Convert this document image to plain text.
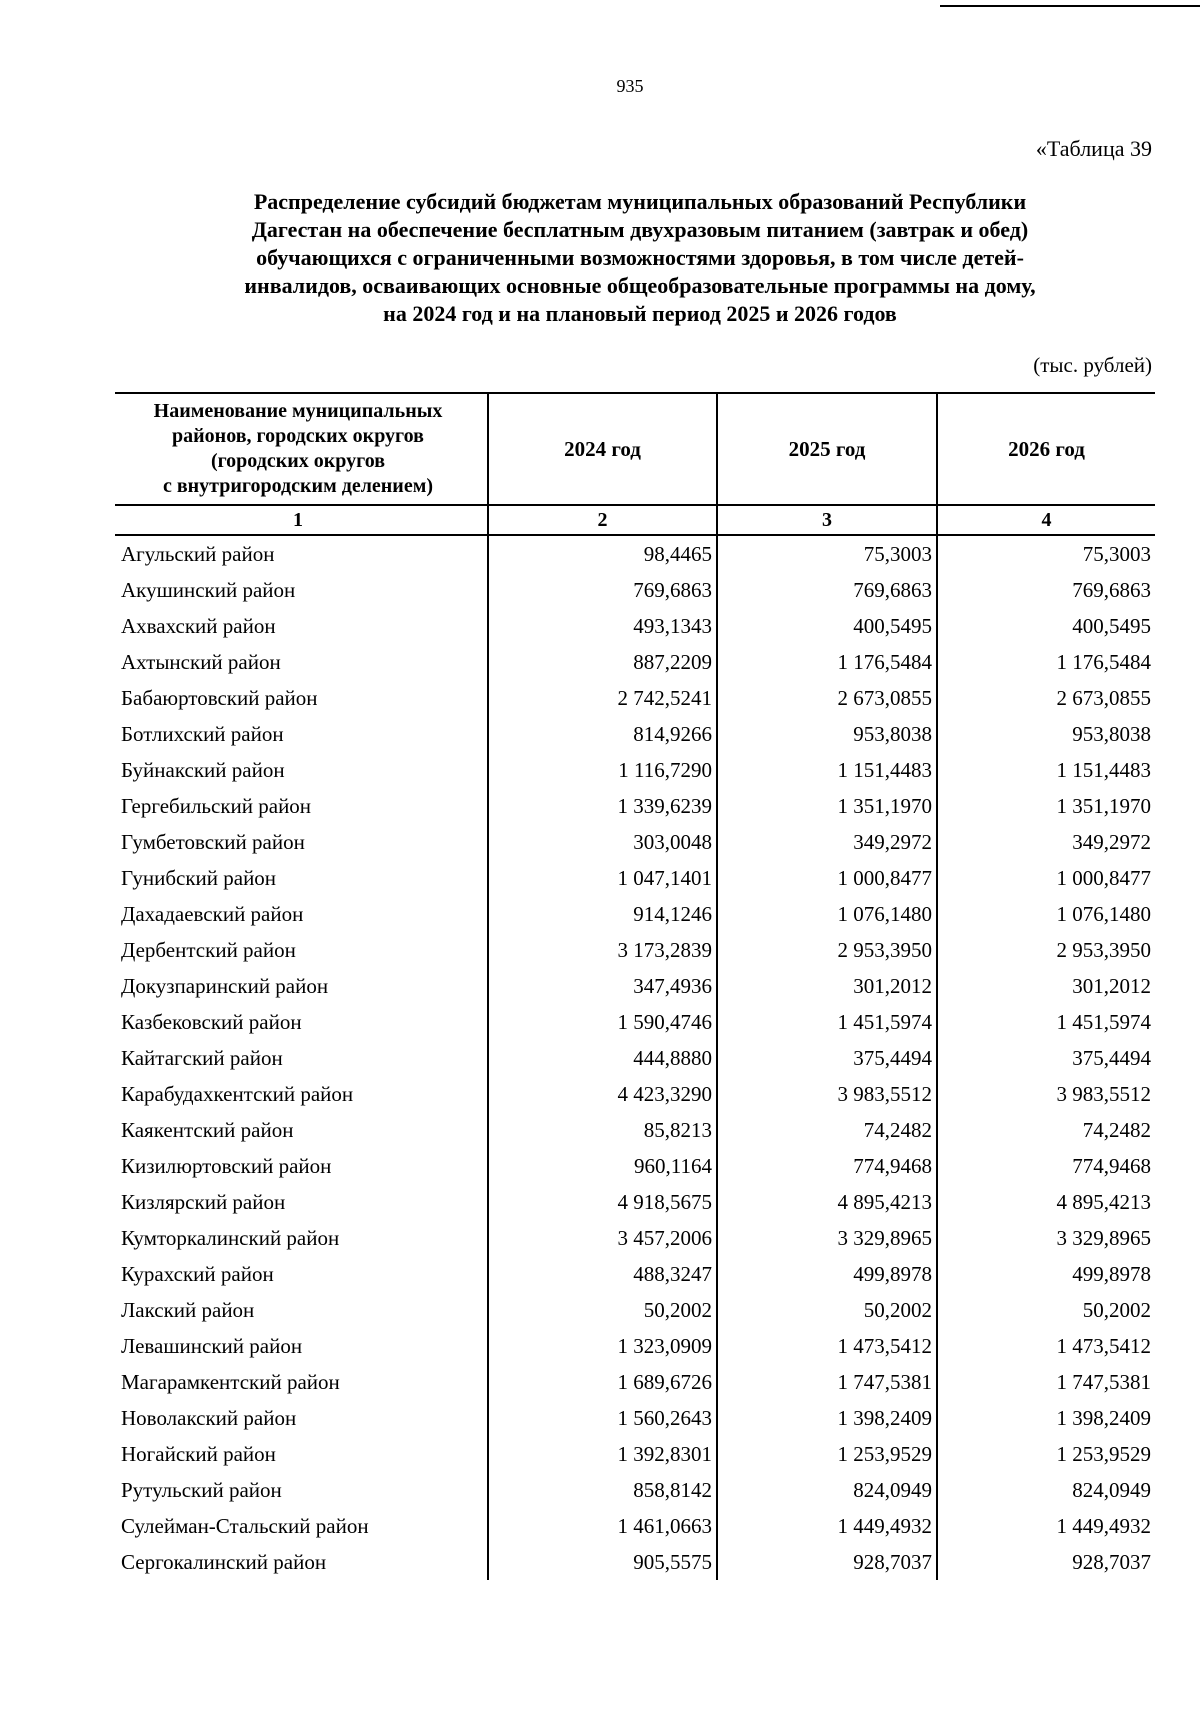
935
«Таблица 39
Распределение субсидий бюджетам муниципальных образований Республики
Дагестан на обеспечение бесплатным двухразовым питанием (завтрак и обед)
обучающихся с ограниченными возможностями здоровья, в том числе детей-
инвалидов, осваивающих основные общеобразовательные программы на дому,
на 2024 год и на плановый период 2025 и 2026 годов
(тыс. рублей)
Наименование муниципальных
районов, городских округов
(городских округов
с внутригородским делением)	2024 год	2025 год	2026 год
1	2	3	4
Агульский район	98,4465	75,3003	75,3003
Акушинский район	769,6863	769,6863	769,6863
Ахвахский район	493,1343	400,5495	400,5495
Ахтынский район	887,2209	1 176,5484	1 176,5484
Бабаюртовский район	2 742,5241	2 673,0855	2 673,0855
Ботлихский район	814,9266	953,8038	953,8038
Буйнакский район	1 116,7290	1 151,4483	1 151,4483
Гергебильский район	1 339,6239	1 351,1970	1 351,1970
Гумбетовский район	303,0048	349,2972	349,2972
Гунибский район	1 047,1401	1 000,8477	1 000,8477
Дахадаевский район	914,1246	1 076,1480	1 076,1480
Дербентский район	3 173,2839	2 953,3950	2 953,3950
Докузпаринский район	347,4936	301,2012	301,2012
Казбековский район	1 590,4746	1 451,5974	1 451,5974
Кайтагский район	444,8880	375,4494	375,4494
Карабудахкентский район	4 423,3290	3 983,5512	3 983,5512
Каякентский район	85,8213	74,2482	74,2482
Кизилюртовский район	960,1164	774,9468	774,9468
Кизлярский район	4 918,5675	4 895,4213	4 895,4213
Кумторкалинский район	3 457,2006	3 329,8965	3 329,8965
Курахский район	488,3247	499,8978	499,8978
Лакский район	50,2002	50,2002	50,2002
Левашинский район	1 323,0909	1 473,5412	1 473,5412
Магарамкентский район	1 689,6726	1 747,5381	1 747,5381
Новолакский район	1 560,2643	1 398,2409	1 398,2409
Ногайский район	1 392,8301	1 253,9529	1 253,9529
Рутульский район	858,8142	824,0949	824,0949
Сулейман-Стальский район	1 461,0663	1 449,4932	1 449,4932
Сергокалинский район	905,5575	928,7037	928,7037
